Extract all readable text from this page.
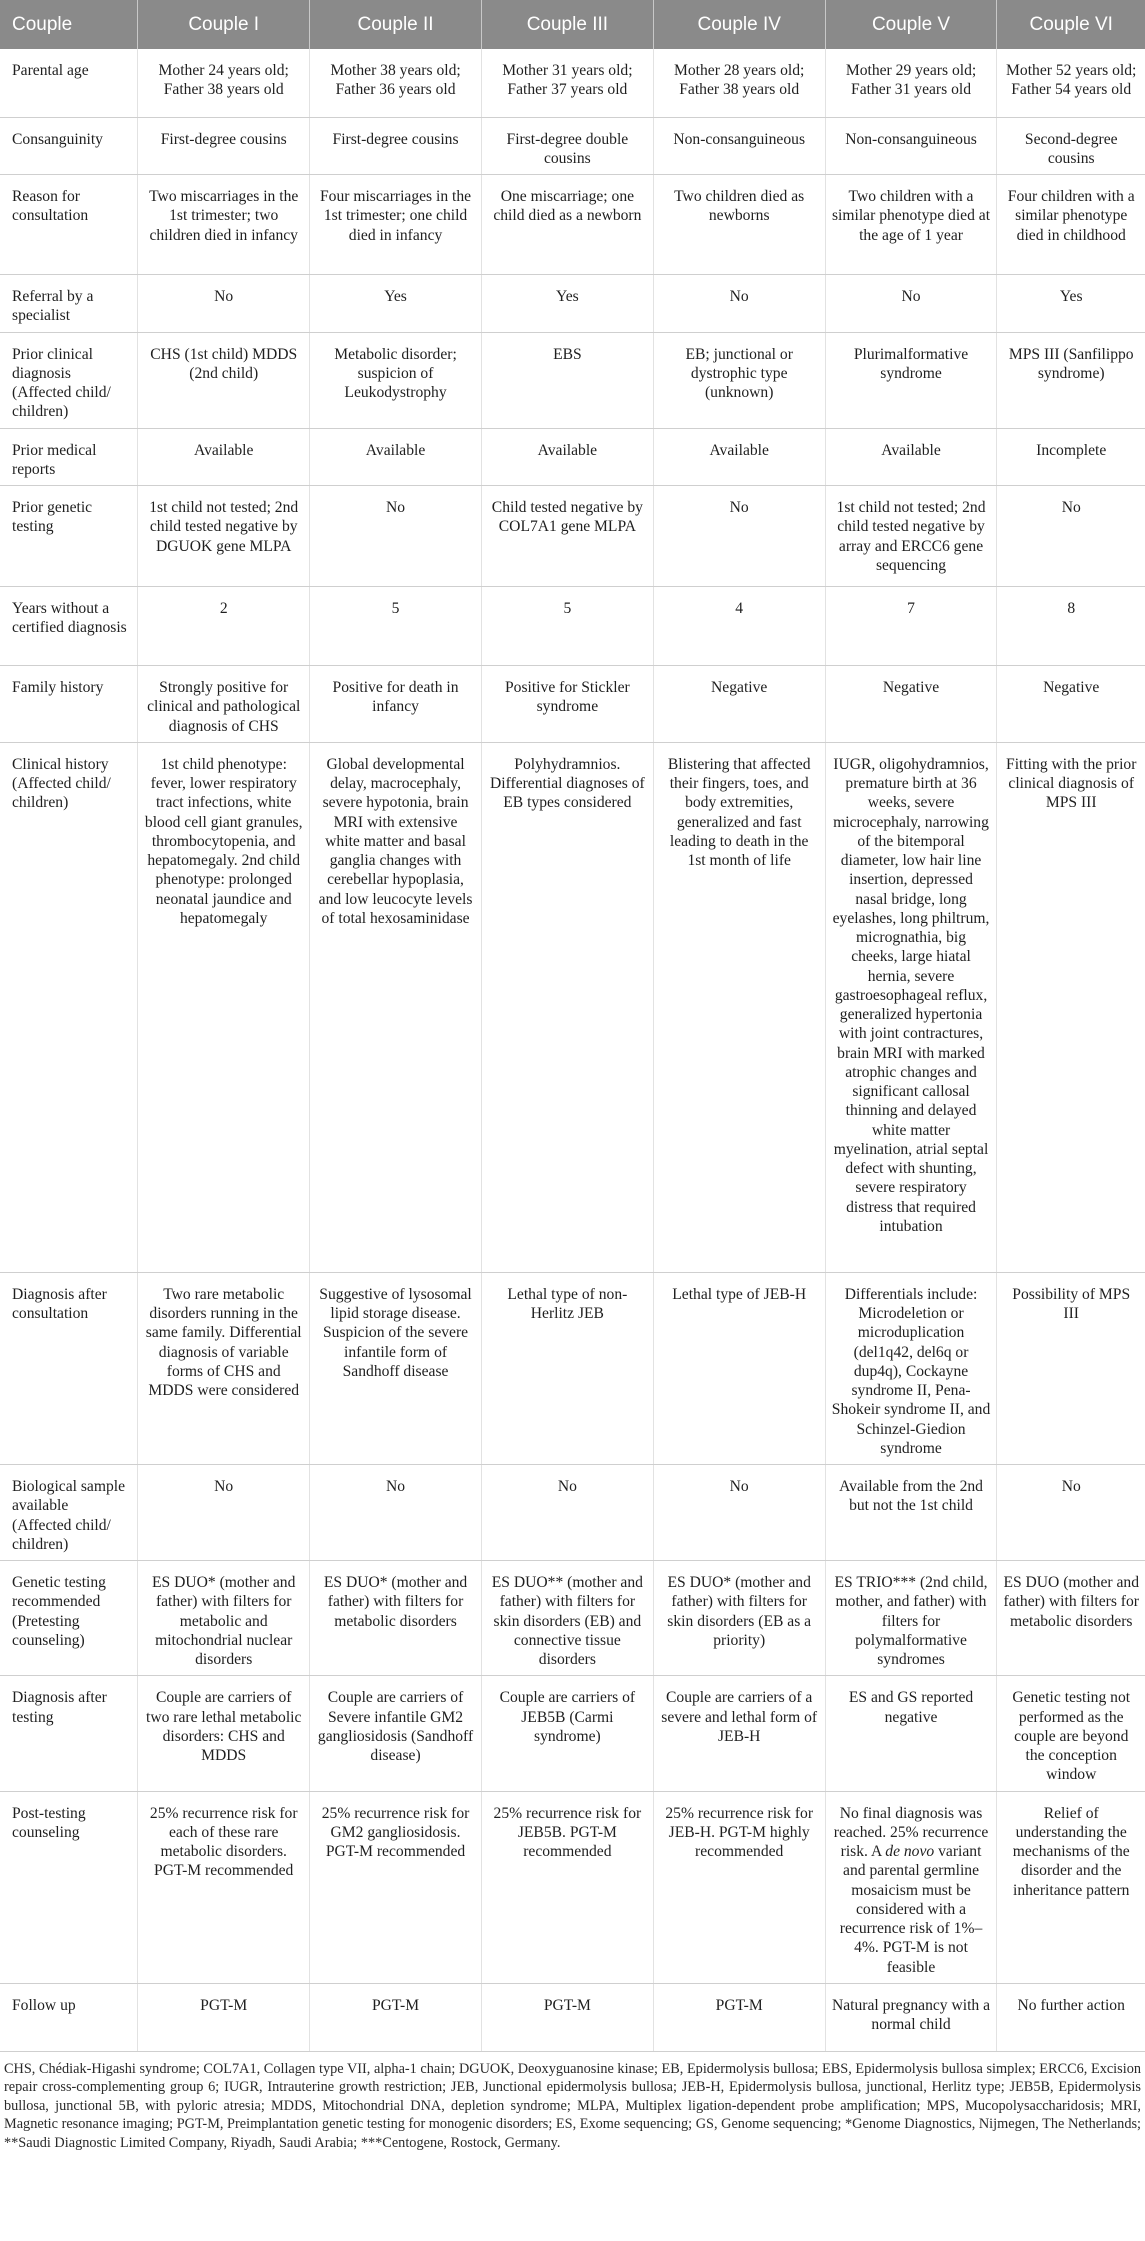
Couple	Couple I	Couple II	Couple III	Couple IV	Couple V	Couple VI
Parental age	Mother 24 years old; Father 38 years old	Mother 38 years old; Father 36 years old	Mother 31 years old; Father 37 years old	Mother 28 years old; Father 38 years old	Mother 29 years old; Father 31 years old	Mother 52 years old; Father 54 years old
Consanguinity	First-degree cousins	First-degree cousins	First-degree double cousins	Non-consanguineous	Non-consanguineous	Second-degree cousins
Reason for consultation	Two miscarriages in the 1st trimester; two children died in infancy	Four miscarriages in the 1st trimester; one child died in infancy	One miscarriage; one child died as a newborn	Two children died as newborns	Two children with a similar phenotype died at the age of 1 year	Four children with a similar phenotype died in childhood
Referral by a specialist	No	Yes	Yes	No	No	Yes
Prior clinical diagnosis (Affected child/ children)	CHS (1st child) MDDS (2nd child)	Metabolic disorder; suspicion of Leukodystrophy	EBS	EB; junctional or dystrophic type (unknown)	Plurimalformative syndrome	MPS III (Sanfilippo syndrome)
Prior medical reports	Available	Available	Available	Available	Available	Incomplete
Prior genetic testing	1st child not tested; 2nd child tested negative by DGUOK gene MLPA	No	Child tested negative by COL7A1 gene MLPA	No	1st child not tested; 2nd child tested negative by array and ERCC6 gene sequencing	No
Years without a certified diagnosis	2	5	5	4	7	8
Family history	Strongly positive for clinical and pathological diagnosis of CHS	Positive for death in infancy	Positive for Stickler syndrome	Negative	Negative	Negative
Clinical history (Affected child/ children)	1st child phenotype: fever, lower respiratory tract infections, white blood cell giant granules, thrombocytopenia, and hepatomegaly. 2nd child phenotype: prolonged neonatal jaundice and hepatomegaly	Global developmental delay, macrocephaly, severe hypotonia, brain MRI with extensive white matter and basal ganglia changes with cerebellar hypoplasia, and low leucocyte levels of total hexosaminidase	Polyhydramnios. Differential diagnoses of EB types considered	Blistering that affected their fingers, toes, and body extremities, generalized and fast leading to death in the 1st month of life	IUGR, oligohydramnios, premature birth at 36 weeks, severe microcephaly, narrowing of the bitemporal diameter, low hair line insertion, depressed nasal bridge, long eyelashes, long philtrum, micrognathia, big cheeks, large hiatal hernia, severe gastroesophageal reflux, generalized hypertonia with joint contractures, brain MRI with marked atrophic changes and significant callosal thinning and delayed white matter myelination, atrial septal defect with shunting, severe respiratory distress that required intubation	Fitting with the prior clinical diagnosis of MPS III
Diagnosis after consultation	Two rare metabolic disorders running in the same family. Differential diagnosis of variable forms of CHS and MDDS were considered	Suggestive of lysosomal lipid storage disease. Suspicion of the severe infantile form of Sandhoff disease	Lethal type of non-Herlitz JEB	Lethal type of JEB-H	Differentials include: Microdeletion or microduplication (del1q42, del6q or dup4q), Cockayne syndrome II, Pena-Shokeir syndrome II, and Schinzel-Giedion syndrome	Possibility of MPS III
Biological sample available (Affected child/ children)	No	No	No	No	Available from the 2nd but not the 1st child	No
Genetic testing recommended (Pretesting counseling)	ES DUO* (mother and father) with filters for metabolic and mitochondrial nuclear disorders	ES DUO* (mother and father) with filters for metabolic disorders	ES DUO** (mother and father) with filters for skin disorders (EB) and connective tissue disorders	ES DUO* (mother and father) with filters for skin disorders (EB as a priority)	ES TRIO*** (2nd child, mother, and father) with filters for polymalformative syndromes	ES DUO (mother and father) with filters for metabolic disorders
Diagnosis after testing	Couple are carriers of two rare lethal metabolic disorders: CHS and MDDS	Couple are carriers of Severe infantile GM2 gangliosidosis (Sandhoff disease)	Couple are carriers of JEB5B (Carmi syndrome)	Couple are carriers of a severe and lethal form of JEB-H	ES and GS reported negative	Genetic testing not performed as the couple are beyond the conception window
Post-testing counseling	25% recurrence risk for each of these rare metabolic disorders. PGT-M recommended	25% recurrence risk for GM2 gangliosidosis. PGT-M recommended	25% recurrence risk for JEB5B. PGT-M recommended	25% recurrence risk for JEB-H. PGT-M highly recommended	No final diagnosis was reached. 25% recurrence risk. A de novo variant and parental germline mosaicism must be considered with a recurrence risk of 1%–4%. PGT-M is not feasible	Relief of understanding the mechanisms of the disorder and the inheritance pattern
Follow up	PGT-M	PGT-M	PGT-M	PGT-M	Natural pregnancy with a normal child	No further action
CHS, Chédiak-Higashi syndrome; COL7A1, Collagen type VII, alpha-1 chain; DGUOK, Deoxyguanosine kinase; EB, Epidermolysis bullosa; EBS, Epidermolysis bullosa simplex; ERCC6, Excision repair cross-complementing group 6; IUGR, Intrauterine growth restriction; JEB, Junctional epidermolysis bullosa; JEB-H, Epidermolysis bullosa, junctional, Herlitz type; JEB5B, Epidermolysis bullosa, junctional 5B, with pyloric atresia; MDDS, Mitochondrial DNA, depletion syndrome; MLPA, Multiplex ligation-dependent probe amplification; MPS, Mucopolysaccharidosis; MRI, Magnetic resonance imaging; PGT-M, Preimplantation genetic testing for monogenic disorders; ES, Exome sequencing; GS, Genome sequencing; *Genome Diagnostics, Nijmegen, The Netherlands; **Saudi Diagnostic Limited Company, Riyadh, Saudi Arabia; ***Centogene, Rostock, Germany.
